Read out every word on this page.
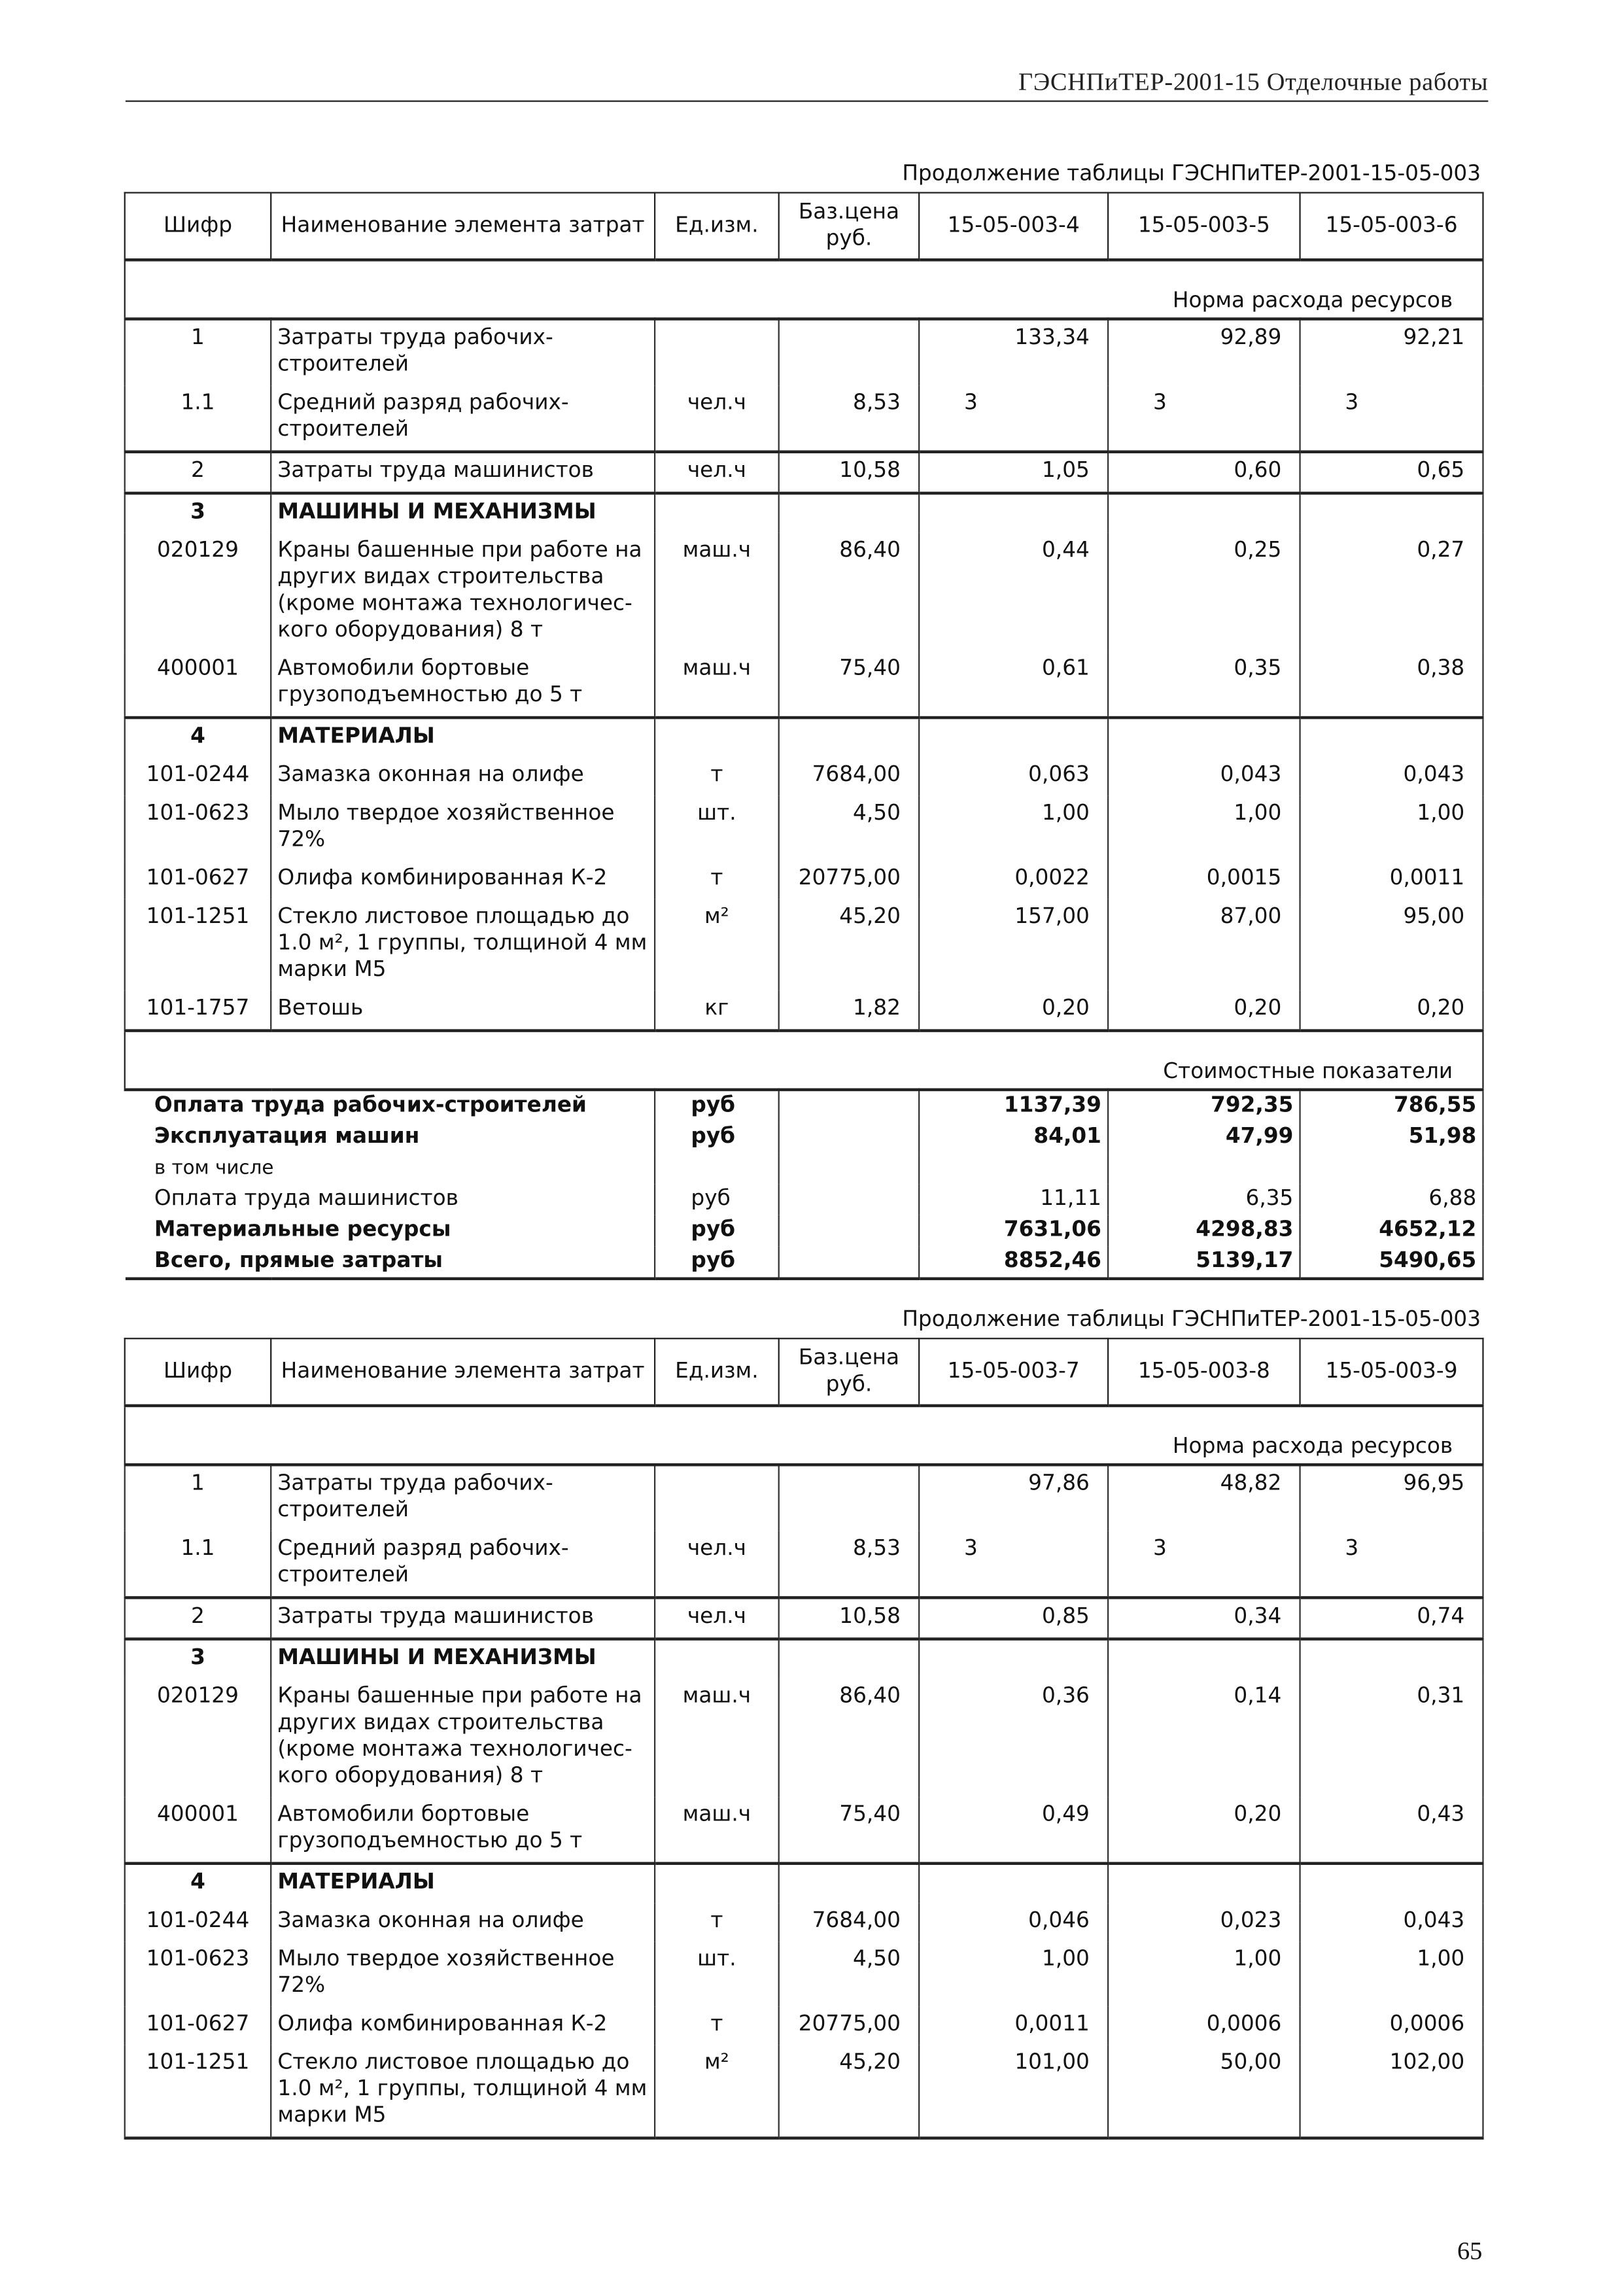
ГЭСНПиТЕР-2001-15 Отделочные работы
Продолжение таблицы ГЭСНПиТЕР-2001-15-05-003
Шифр	Наименование элемента затрат	Ед.изм.	Баз.цена руб.	15-05-003-4	15-05-003-5	15-05-003-6
Норма расхода ресурсов						
1	Затраты труда рабочих-строителей			133,34	92,89	92,21
1.1	Средний разряд рабочих-строителей	чел.ч	8,53	3	3	3
2	Затраты труда машинистов	чел.ч	10,58	1,05	0,60	0,65
3	МАШИНЫ И МЕХАНИЗМЫ					
020129	Краны башенные при работе на других видах строительства (кроме монтажа технологичес-кого оборудования) 8 т	маш.ч	86,40	0,44	0,25	0,27
400001	Автомобили бортовые грузоподъемностью до 5 т	маш.ч	75,40	0,61	0,35	0,38
4	МАТЕРИАЛЫ					
101-0244	Замазка оконная на олифе	т	7684,00	0,063	0,043	0,043
101-0623	Мыло твердое хозяйственное 72%	шт.	4,50	1,00	1,00	1,00
101-0627	Олифа комбинированная К-2	т	20775,00	0,0022	0,0015	0,0011
101-1251	Стекло листовое площадью до 1.0 м², 1 группы, толщиной 4 мм марки М5	м²	45,20	157,00	87,00	95,00
101-1757	Ветошь	кг	1,82	0,20	0,20	0,20
Стоимостные показатели						
Оплата труда рабочих-строителей		руб		1137,39	792,35	786,55
Эксплуатация машин		руб		84,01	47,99	51,98
в том числе						
Оплата труда машинистов		руб		11,11	6,35	6,88
Материальные ресурсы		руб		7631,06	4298,83	4652,12
Всего, прямые затраты		руб		8852,46	5139,17	5490,65
Продолжение таблицы ГЭСНПиТЕР-2001-15-05-003
Шифр	Наименование элемента затрат	Ед.изм.	Баз.цена руб.	15-05-003-7	15-05-003-8	15-05-003-9
Норма расхода ресурсов						
1	Затраты труда рабочих-строителей			97,86	48,82	96,95
1.1	Средний разряд рабочих-строителей	чел.ч	8,53	3	3	3
2	Затраты труда машинистов	чел.ч	10,58	0,85	0,34	0,74
3	МАШИНЫ И МЕХАНИЗМЫ					
020129	Краны башенные при работе на других видах строительства (кроме монтажа технологичес-кого оборудования) 8 т	маш.ч	86,40	0,36	0,14	0,31
400001	Автомобили бортовые грузоподъемностью до 5 т	маш.ч	75,40	0,49	0,20	0,43
4	МАТЕРИАЛЫ					
101-0244	Замазка оконная на олифе	т	7684,00	0,046	0,023	0,043
101-0623	Мыло твердое хозяйственное 72%	шт.	4,50	1,00	1,00	1,00
101-0627	Олифа комбинированная К-2	т	20775,00	0,0011	0,0006	0,0006
101-1251	Стекло листовое площадью до 1.0 м², 1 группы, толщиной 4 мм марки М5	м²	45,20	101,00	50,00	102,00
65
